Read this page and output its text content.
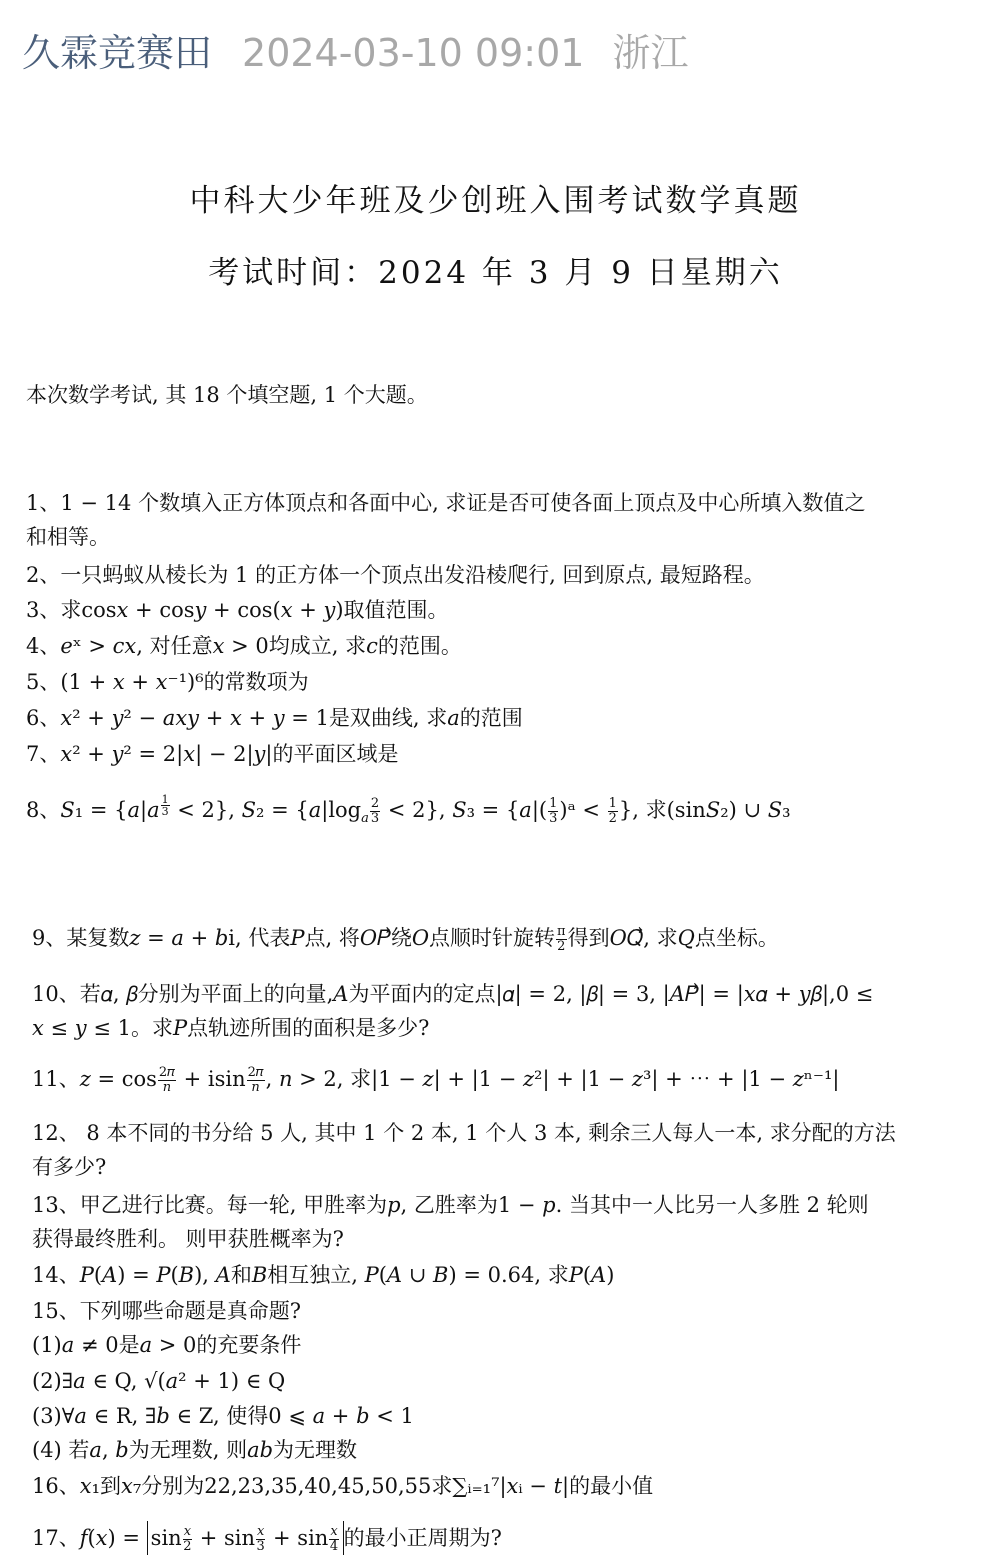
久霖竞赛田 2024-03-10 09:01 浙江
中科大少年班及少创班入围考试数学真题
考试时间：2024 年 3 月 9 日星期六
本次数学考试, 其 18 个填空题, 1 个大题。
1、1 − 14 个数填入正方体顶点和各面中心, 求证是否可使各面上顶点及中心所填入数值之
和相等。
2、一只蚂蚁从棱长为 1 的正方体一个顶点出发沿棱爬行, 回到原点, 最短路程。
3、求cos𝑥 + cos𝑦 + cos(𝑥 + 𝑦)取值范围。
4、𝑒ˣ > 𝑐𝑥, 对任意𝑥 > 0均成立, 求𝑐的范围。
5、(1 + 𝑥 + 𝑥⁻¹)⁶的常数项为
6、𝑥² + 𝑦² − 𝑎𝑥𝑦 + 𝑥 + 𝑦 = 1是双曲线, 求𝑎的范围
7、𝑥² + 𝑦² = 2|𝑥| − 2|𝑦|的平面区域是
8、𝑆₁ = {𝑎|𝑎 $^{\frac{1}{3}}$ < 2}, 𝑆₂ = $\{𝑎|\log_𝑎 \frac{2}{3} < 2\}$, 𝑆₃ = {𝑎|( $\frac{1}{3}$ )ᵃ < $\frac{1}{2}$ }, 求(sin𝑆₂) ∪ 𝑆₃
9、某复数𝑧 = 𝑎 + 𝑏i, 代表𝑃点, 将𝑂𝑃⃗绕𝑂点顺时针旋转 $\frac{\pi}{2}$ 得到𝑂𝑄⃗, 求𝑄点坐标。
10、若𝛼, 𝛽分别为平面上的向量,𝐴为平面内的定点|𝛼| = 2, |𝛽| = 3, |𝐴𝑃⃗| = |𝑥𝛼 + 𝑦𝛽|,0 ≤
𝑥 ≤ 𝑦 ≤ 1。求𝑃点轨迹所围的面积是多少?
11、𝑧 = $\cos \frac{\text{2𝜋}}{\text{𝑛}} + isin \frac{\text{2𝜋}}{\text{𝑛}}$ , 𝑛 > 2, 求|1 − 𝑧| + |1 − 𝑧²| + |1 − 𝑧³| + ⋯ + |1 − 𝑧ⁿ⁻¹|
12、 8 本不同的书分给 5 人, 其中 1 个 2 本, 1 个人 3 本, 剩余三人每人一本, 求分配的方法
有多少?
13、甲乙进行比赛。每一轮, 甲胜率为𝑝, 乙胜率为1 − 𝑝. 当其中一人比另一人多胜 2 轮则
获得最终胜利。 则甲获胜概率为?
14、𝑃(𝐴) = 𝑃(𝐵), 𝐴和𝐵相互独立, 𝑃(𝐴 ∪ 𝐵) = 0.64, 求𝑃(𝐴)
15、下列哪些命题是真命题?
(1)𝑎 ≠ 0是𝑎 > 0的充要条件
(2)∃𝑎 ∈ Q, √(𝑎² + 1) ∈ Q
(3)∀𝑎 ∈ R, ∃𝑏 ∈ Z, 使得0 ⩽ 𝑎 + 𝑏 < 1
(4) 若𝑎, 𝑏为无理数, 则𝑎𝑏为无理数
16、𝑥₁到𝑥₇分别为22,23,35,40,45,50,55求∑ᵢ₌₁⁷|𝑥ᵢ − 𝑡|的最小值
17、𝑓(𝑥) = $\sin \frac{\text{𝑥}}{2} + \sin \frac{\text{𝑥}}{3} + \sin \frac{\text{𝑥}}{4}$ 的最小正周期为?
